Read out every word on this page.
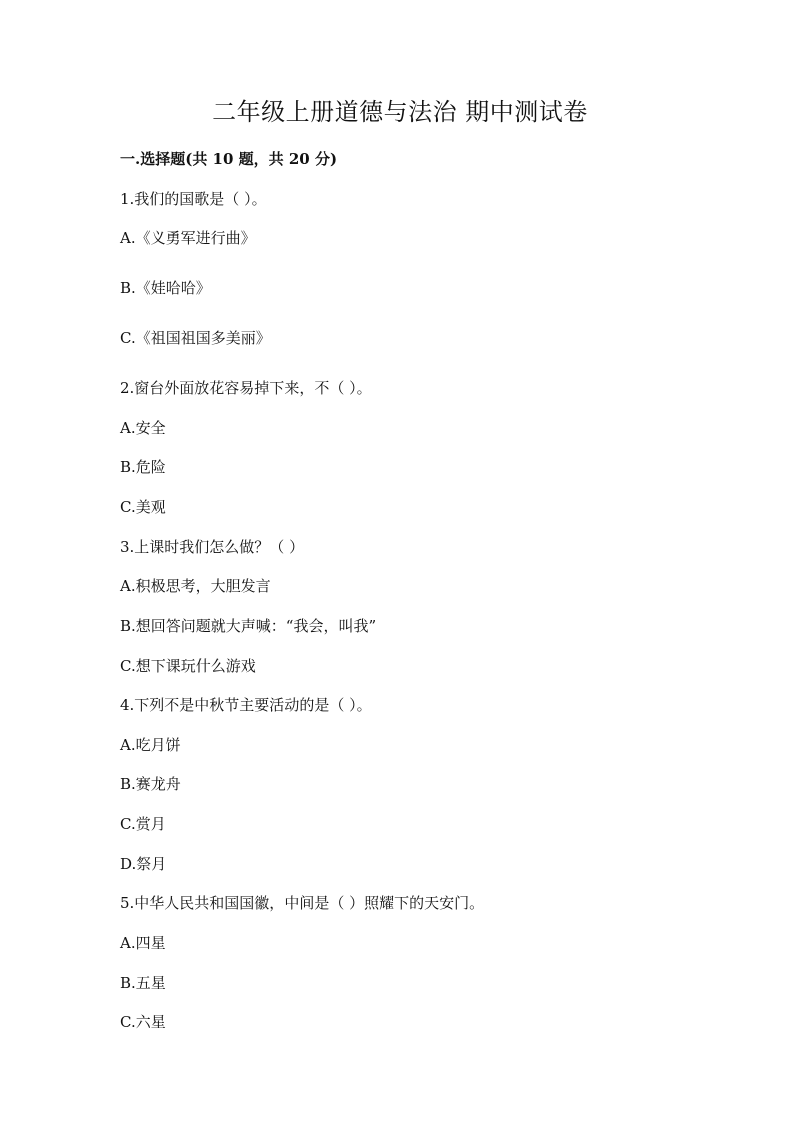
二年级上册道德与法治 期中测试卷
一.选择题(共 10 题，共 20 分)
1.我们的国歌是（ ）。
A.《义勇军进行曲》
B.《娃哈哈》
C.《祖国祖国多美丽》
2.窗台外面放花容易掉下来，不（ ）。
A.安全
B.危险
C.美观
3.上课时我们怎么做？（ ）
A.积极思考，大胆发言
B.想回答问题就大声喊：“我会，叫我”
C.想下课玩什么游戏
4.下列不是中秋节主要活动的是（ ）。
A.吃月饼
B.赛龙舟
C.赏月
D.祭月
5.中华人民共和国国徽，中间是（ ）照耀下的天安门。
A.四星
B.五星
C.六星
